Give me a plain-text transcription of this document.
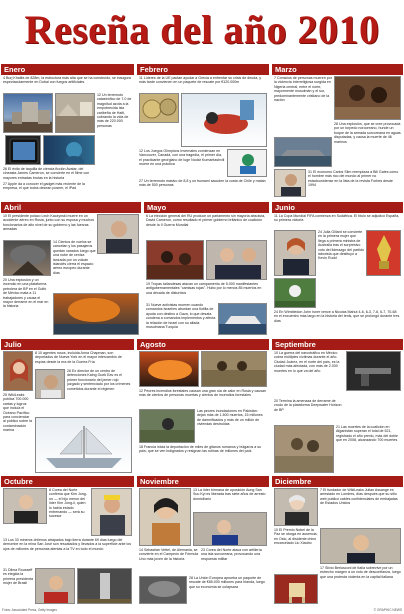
Reseña del año 2010
Enero
4 Burj Khalifa de 828m, la estructura más alta que se ha construido, se inaugura espectacularmente en Dubai con fuegos artificiales
12 Un terremoto catastrófico de 7.0 de magnitud azota a la empobrecida isla caribeña de Haití, cobrando la vida de más de 220.000 personas
26 El éxito de taquilla de ciencia ficción Avatar, del cineasta James Cameron, se convierte en el filme con mayores entradas brutas en la historia
27 Apple da a conocer el gadget más reciente de la empresa, el que todos desean poseer, el iPad
Febrero
11 Líderes de la UE pactan ayudar a Grecia a enfrentar su crisis de deuda, y más tarde convienen en un paquete de rescate por €120.000m
12 Los Juegos Olímpicos Invernales comienzan en Vancouver, Canadá, con una tragedia, el primer día, el practicante georgiano de luge Nodar Kumaritashvili muere en una práctica
27 Un terremoto masivo de 8,8 y un tsunami sacuden la costa de Chile y matan más de 500 personas
Marzo
7 Comicios de personas mueren por la violencia interreligiosa surgida en Nigeria central, entre el norte, mayormente musulmán y el sur, predominantemente cristiano de la nación
28 Una explosión, que se cree provocada por un torpedo norcoreano, hunde un buque de la armada surcoreana en aguas disputadas, y causa la muerte de 46 marinos
31 El ecónomo Carlos Slim reemplaza a Bill Gates como el hombre más rico del mundo al primer no estadounidense en la lista de la revista Forbes desde 1994
Abril
10 El presidente polaco Lech Kaczynski muere en un accidente aéreo en Rusia, junto con su esposa y muchos funcionarios de alto nivel de su gobierno y las fuerzas armadas
14 Cientos de vuelos se cancelan y los pasajeros quedan varados luego que una nube de ceniza lanzada por un volcán islandés cierra el espacio aéreo europeo durante días
20 Una explosión y un incendio en una plataforma petrolera de BP en el Golfo de México mata a 11 trabajadores y causa el mayor derrame en el mar en la historia
Mayo
6 La elección general del RU produce un parlamento sin mayoría absoluta, David Cameron, como resultado el primer gobierno británico de coalición desde la II Guerra Mundial
19 Tropas tailandesas atacan un campamento de 5.000 manifestantes antigubernamentales "camisas rojas". Hubo por lo menos 85 muertos en una década de disturbios
31 Nueve activistas mueren cuando comandos israelíes abordan una flotilla de ayuda con destino a Gaza, lo que desata condena a comandos implementos y afecta la relación de Israel con su aliada musulmana Turquía
Junio
11 La Copa Mundial FIFA comienza en Sudáfrica. El título se adjudicó España, su primera victoria
24 Julia Gillard se convierte en la primera mujer que llega a primera ministra de Australia tras el sorpresivo voto del liderazgo del partido laborista que destituyó a Kevin Rudd
24 En Wimbledon John Isner vence a Nicolas Mahut 4-6, 6-3, 7-6, 6-7, 70-68 en el encuentro más largo en la historia del tenis, que se prolongó durante tres días
Julio
8 10 agentes rusos, incluida Anna Chapman, son deportados de Nueva York en el mayor intercambio de espías desde la era de la Guerra Fría
26 Ex director de un centro de detenciones Kaing Guek Eav es el primer funcionario del jemer rojo juzgado y sentenciado por los crímenes cometidos durante el régimen
25 WikiLeaks publica 700.000 cartas y logros que incluía el Océano Pacífico para concienciar al público sobre la contaminación marina
Agosto
12 Peores incendios forestales causan una gran ola de calor en Rusia y causan más de cientos de personas muertas y cientos de incendios forestales
Las peores inundaciones en Pakistán: dejan más de 1.600 muertos, 15 millones de damnificados y más de un millón de viviendas destruidas
18 Francia inicia la deportación de miles de gitanos rumanos y búlgaros a su país; que se ven indignados y resignan las rutinas de millones del país
Septiembre
10 La guerra del narcotráfico en México cobra múltiples víctimas durante el año. Ciudad Juárez, en el norte del país, es la ciudad más afectada, con más de 2.000 muertes en lo que va del año
20 Termina la amenaza de derrame de crudo de la plataforma Deepwater Horizon de BP
21 Las muertes de la coalición en Afganistán superan el total de 521, registrado el año previo, más del doble que en 2008, alcanzando 700 muertes
Octubre
8 Corea del Norte confirma que Kim Jong-un — el hijo menor del líder Kim Jong-il, quien lo había estado entrenando — será su sucesor
13 Los 33 mineros chilenos atrapados bajo tierra durante 69 días luego del derrumbe en la mina San José son rescatados y llevados a la superficie ante los ojos de millones de personas atentas a la TV en todo el mundo
31 Dilma Rousseff es elegida la primera presidenta mujer de Brasil
Noviembre
13 La líder birmana de oposición Aung San Suu Kyi es liberada tras siete años de arresto domiciliario
14 Sebastian Vettel, de Alemania, se convierte en el Campeón de Fórmula Uno más joven de la historia
23 Corea del Norte ataca con artillería una isla surcoreana, provocando una respuesta militar
28 La Unión Europea aprueba un paquete de rescate de €85.000 millones para Irlanda, luego que su economía se colapsara
Diciembre
7 El fundador de WikiLeaks Julian Assange es arrestado en Londres, días después que su sitio web publicó cables confidenciales de embajadas de Estados Unidos
10 El Premio Nobel de la Paz se otorga en ausencia, en Oslo, al disidente chino encarcelado Liu Xiaobo
17 Silvio Berlusconi de Italia sobrevive por un estrecho margen a un voto de desconfianza, luego que una protesta violenta en la capital italiana
Fotos: Associated Press, Getty Images	© GRAPHIC NEWS
